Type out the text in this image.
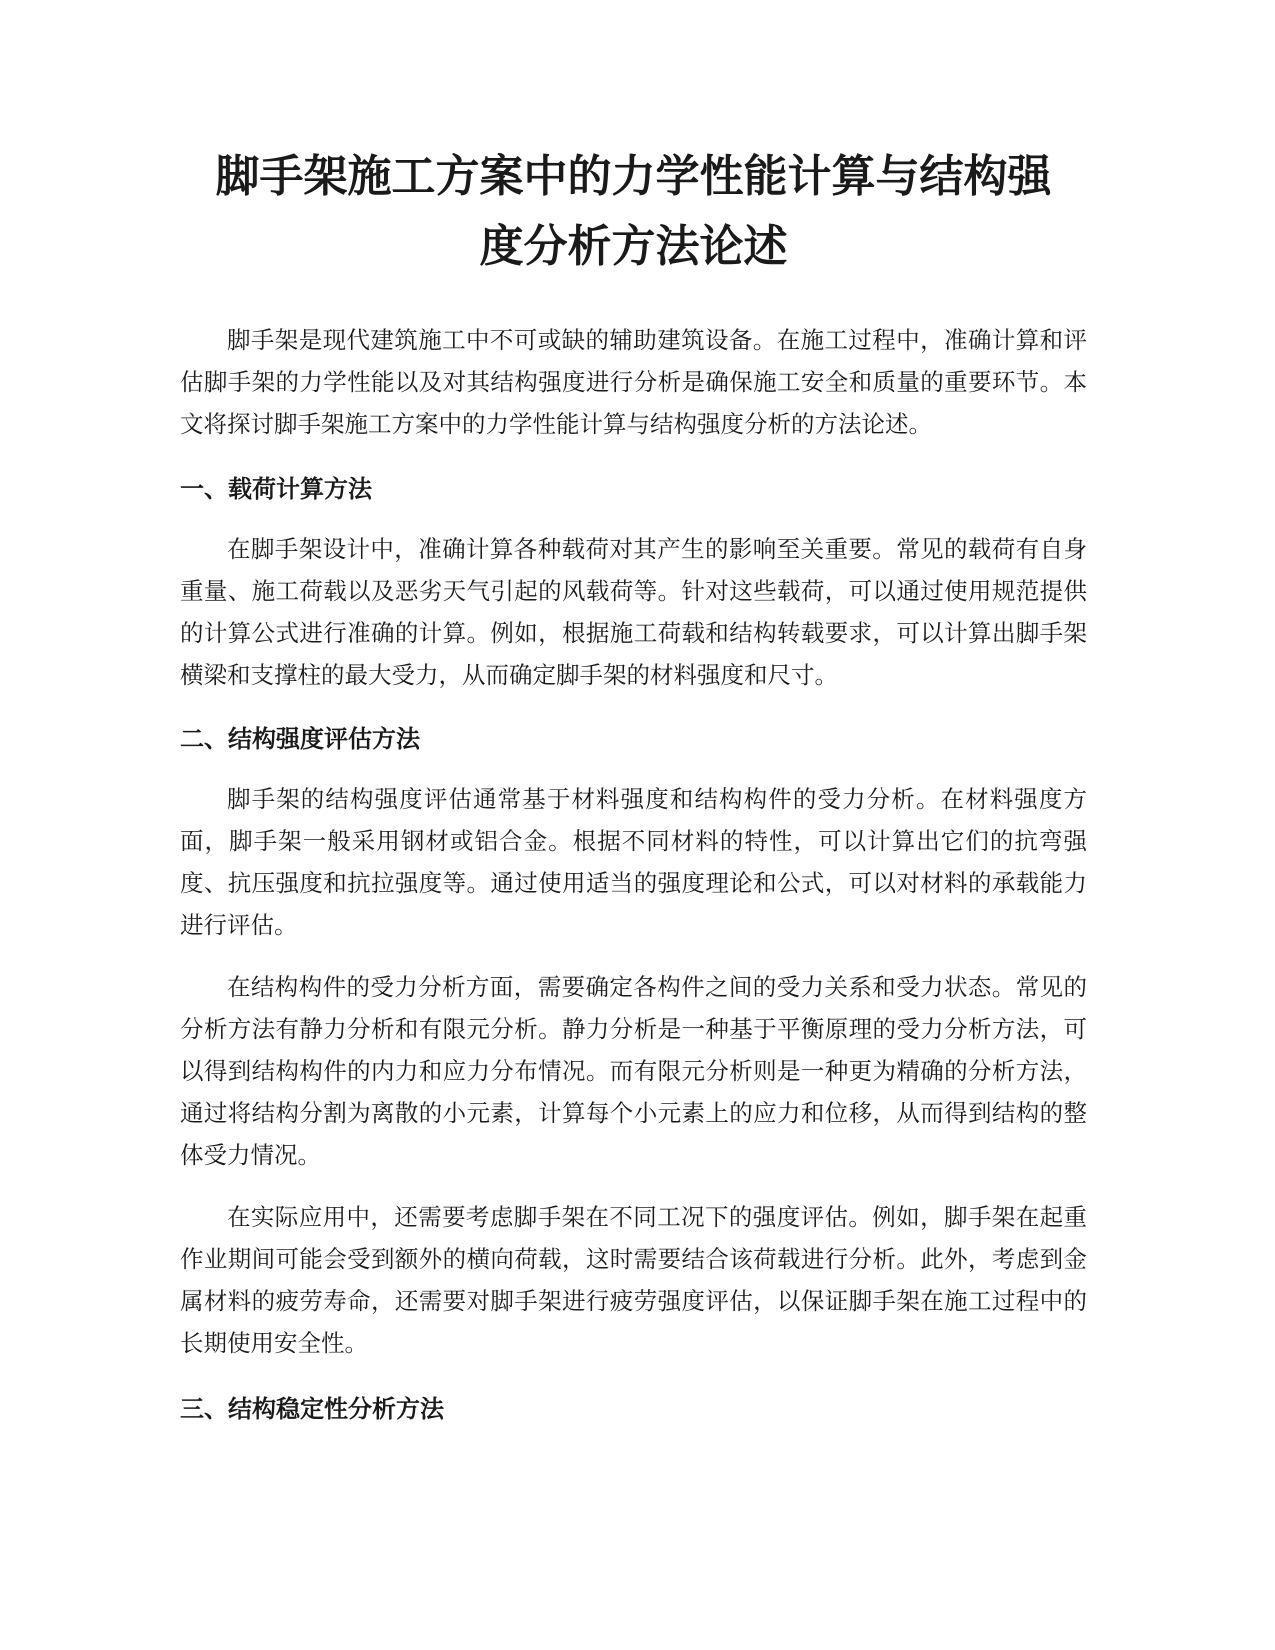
脚手架施工方案中的力学性能计算与结构强
度分析方法论述

脚手架是现代建筑施工中不可或缺的辅助建筑设备。在施工过程中，准确计算和评估脚手架的力学性能以及对其结构强度进行分析是确保施工安全和质量的重要环节。本文将探讨脚手架施工方案中的力学性能计算与结构强度分析的方法论述。

一、载荷计算方法

在脚手架设计中，准确计算各种载荷对其产生的影响至关重要。常见的载荷有自身重量、施工荷载以及恶劣天气引起的风载荷等。针对这些载荷，可以通过使用规范提供的计算公式进行准确的计算。例如，根据施工荷载和结构转载要求，可以计算出脚手架横梁和支撑柱的最大受力，从而确定脚手架的材料强度和尺寸。

二、结构强度评估方法

脚手架的结构强度评估通常基于材料强度和结构构件的受力分析。在材料强度方面，脚手架一般采用钢材或铝合金。根据不同材料的特性，可以计算出它们的抗弯强度、抗压强度和抗拉强度等。通过使用适当的强度理论和公式，可以对材料的承载能力进行评估。

在结构构件的受力分析方面，需要确定各构件之间的受力关系和受力状态。常见的分析方法有静力分析和有限元分析。静力分析是一种基于平衡原理的受力分析方法，可以得到结构构件的内力和应力分布情况。而有限元分析则是一种更为精确的分析方法，通过将结构分割为离散的小元素，计算每个小元素上的应力和位移，从而得到结构的整体受力情况。

在实际应用中，还需要考虑脚手架在不同工况下的强度评估。例如，脚手架在起重作业期间可能会受到额外的横向荷载，这时需要结合该荷载进行分析。此外，考虑到金属材料的疲劳寿命，还需要对脚手架进行疲劳强度评估，以保证脚手架在施工过程中的长期使用安全性。

三、结构稳定性分析方法
